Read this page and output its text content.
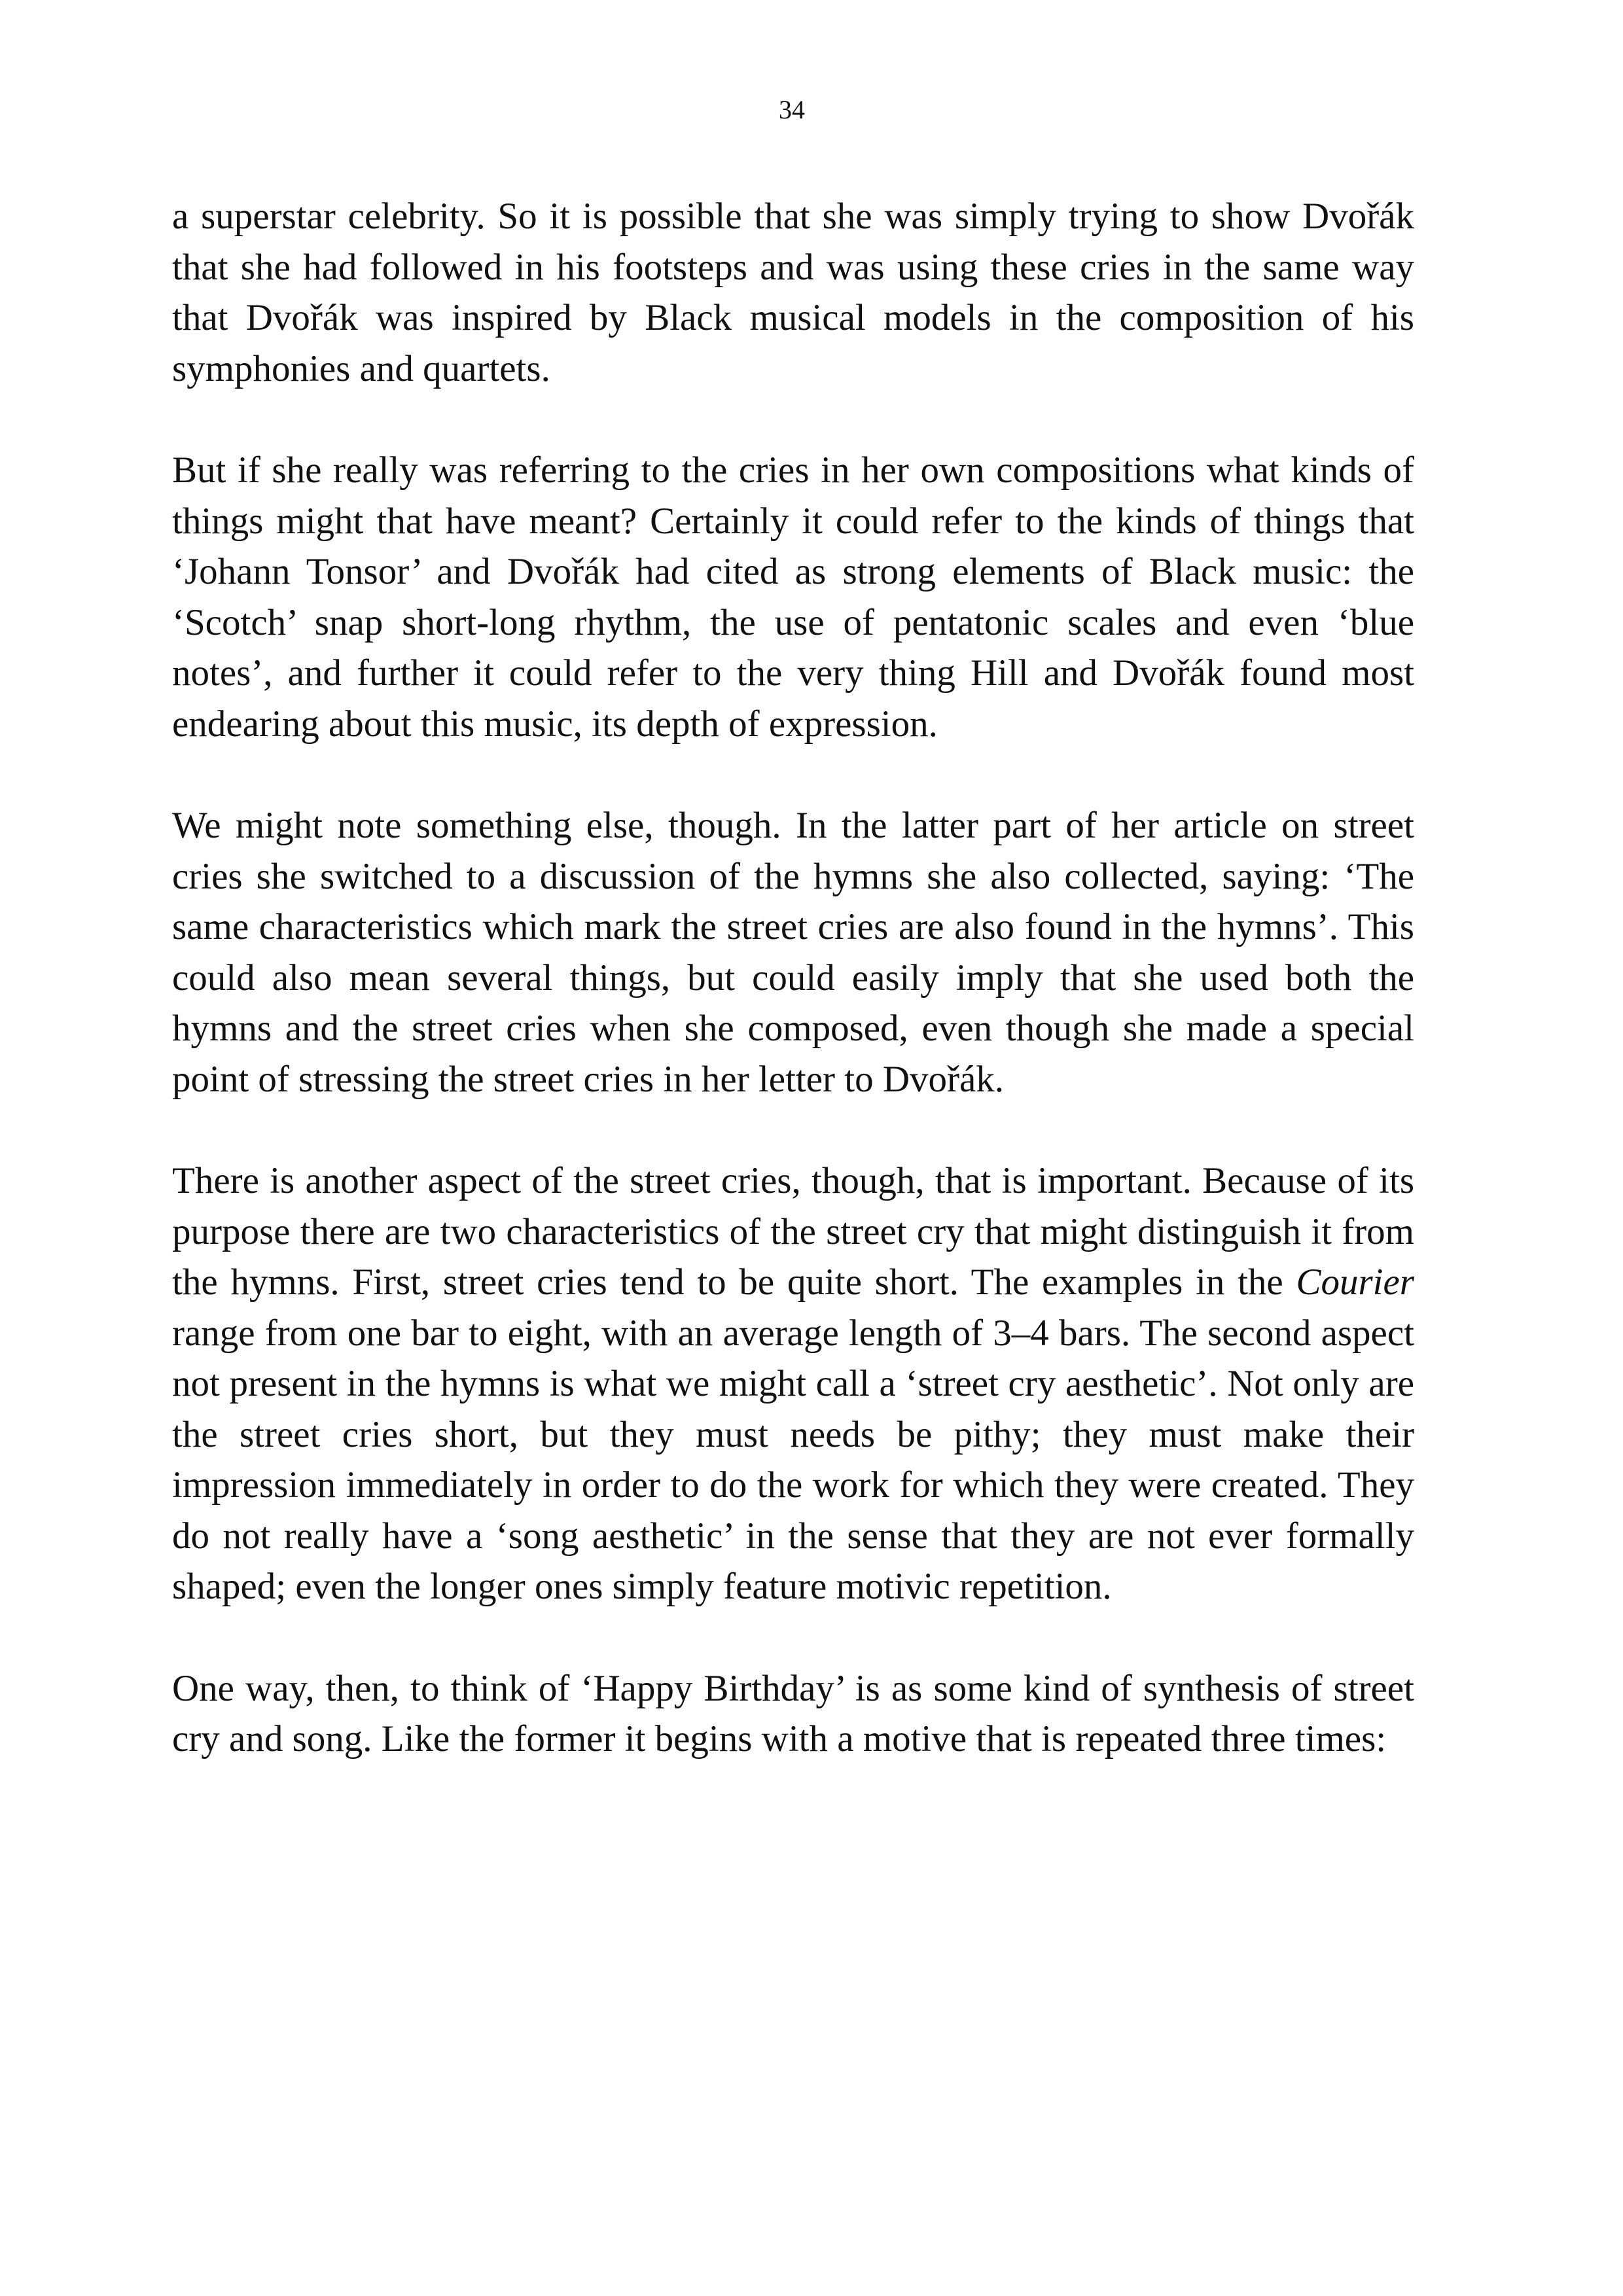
34

a superstar celebrity. So it is possible that she was simply trying to show Dvořák that she had followed in his footsteps and was using these cries in the same way that Dvořák was inspired by Black musical models in the composition of his symphonies and quartets.

But if she really was referring to the cries in her own compositions what kinds of things might that have meant? Certainly it could refer to the kinds of things that ‘Johann Tonsor’ and Dvořák had cited as strong elements of Black music: the ‘Scotch’ snap short-long rhythm, the use of pentatonic scales and even ‘blue notes’, and further it could refer to the very thing Hill and Dvořák found most endearing about this music, its depth of expression.

We might note something else, though. In the latter part of her article on street cries she switched to a discussion of the hymns she also collected, saying: ‘The same characteristics which mark the street cries are also found in the hymns’. This could also mean several things, but could easily imply that she used both the hymns and the street cries when she composed, even though she made a special point of stressing the street cries in her letter to Dvořák.

There is another aspect of the street cries, though, that is important. Because of its purpose there are two characteristics of the street cry that might distinguish it from the hymns. First, street cries tend to be quite short. The examples in the Courier range from one bar to eight, with an average length of 3–4 bars. The second aspect not present in the hymns is what we might call a ‘street cry aesthetic’. Not only are the street cries short, but they must needs be pithy; they must make their impression immediately in order to do the work for which they were created. They do not really have a ‘song aesthetic’ in the sense that they are not ever formally shaped; even the longer ones simply feature motivic repetition.

One way, then, to think of ‘Happy Birthday’ is as some kind of synthesis of street cry and song. Like the former it begins with a motive that is repeated three times:
